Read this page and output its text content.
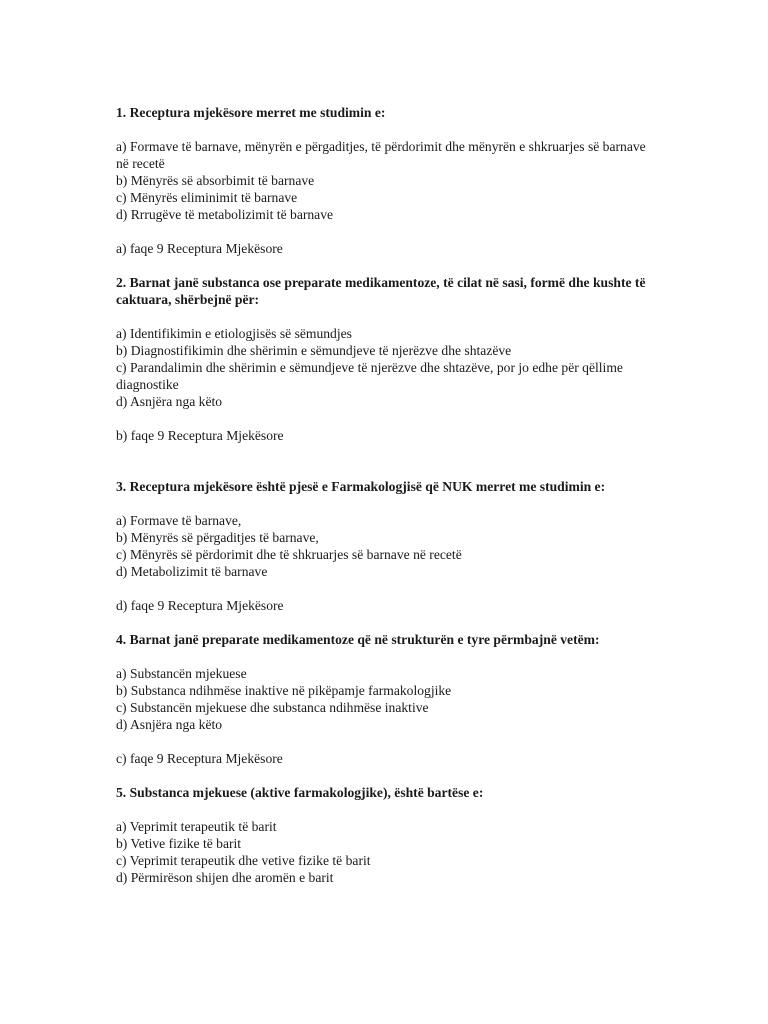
1. Receptura mjekësore merret me studimin e:

a) Formave të barnave, mënyrën e përgaditjes, të përdorimit dhe mënyrën e shkruarjes së barnave në recetë
b) Mënyrës së absorbimit të barnave
c) Mënyrës eliminimit të barnave
d) Rrrugëve të metabolizimit të barnave

a) faqe 9 Receptura Mjekësore

2. Barnat janë substanca ose preparate medikamentoze, të cilat në sasi, formë dhe kushte të caktuara, shërbejnë për:

a) Identifikimin e etiologjisës së sëmundjes
b) Diagnostifikimin dhe shërimin e sëmundjeve të njerëzve dhe shtazëve
c) Parandalimin dhe shërimin e sëmundjeve të njerëzve dhe shtazëve, por jo edhe për qëllime diagnostike
d) Asnjëra nga këto

b) faqe 9 Receptura Mjekësore

3. Receptura mjekësore është pjesë e Farmakologjisë që NUK merret me studimin e:

a) Formave të barnave,
b) Mënyrës së përgaditjes të barnave,
c) Mënyrës së përdorimit dhe të shkruarjes së barnave në recetë
d) Metabolizimit të barnave

d) faqe 9 Receptura Mjekësore

4. Barnat janë preparate medikamentoze që në strukturën e tyre përmbajnë vetëm:

a) Substancën mjekuese
b) Substanca ndihmëse inaktive në pikëpamje farmakologjike
c) Substancën mjekuese dhe substanca ndihmëse inaktive
d) Asnjëra nga këto

c) faqe 9 Receptura Mjekësore

5. Substanca mjekuese (aktive farmakologjike), është bartëse e:

a) Veprimit terapeutik të barit
b) Vetive fizike të barit
c) Veprimit terapeutik dhe vetive fizike të barit
d) Përmirëson shijen dhe aromën e barit
